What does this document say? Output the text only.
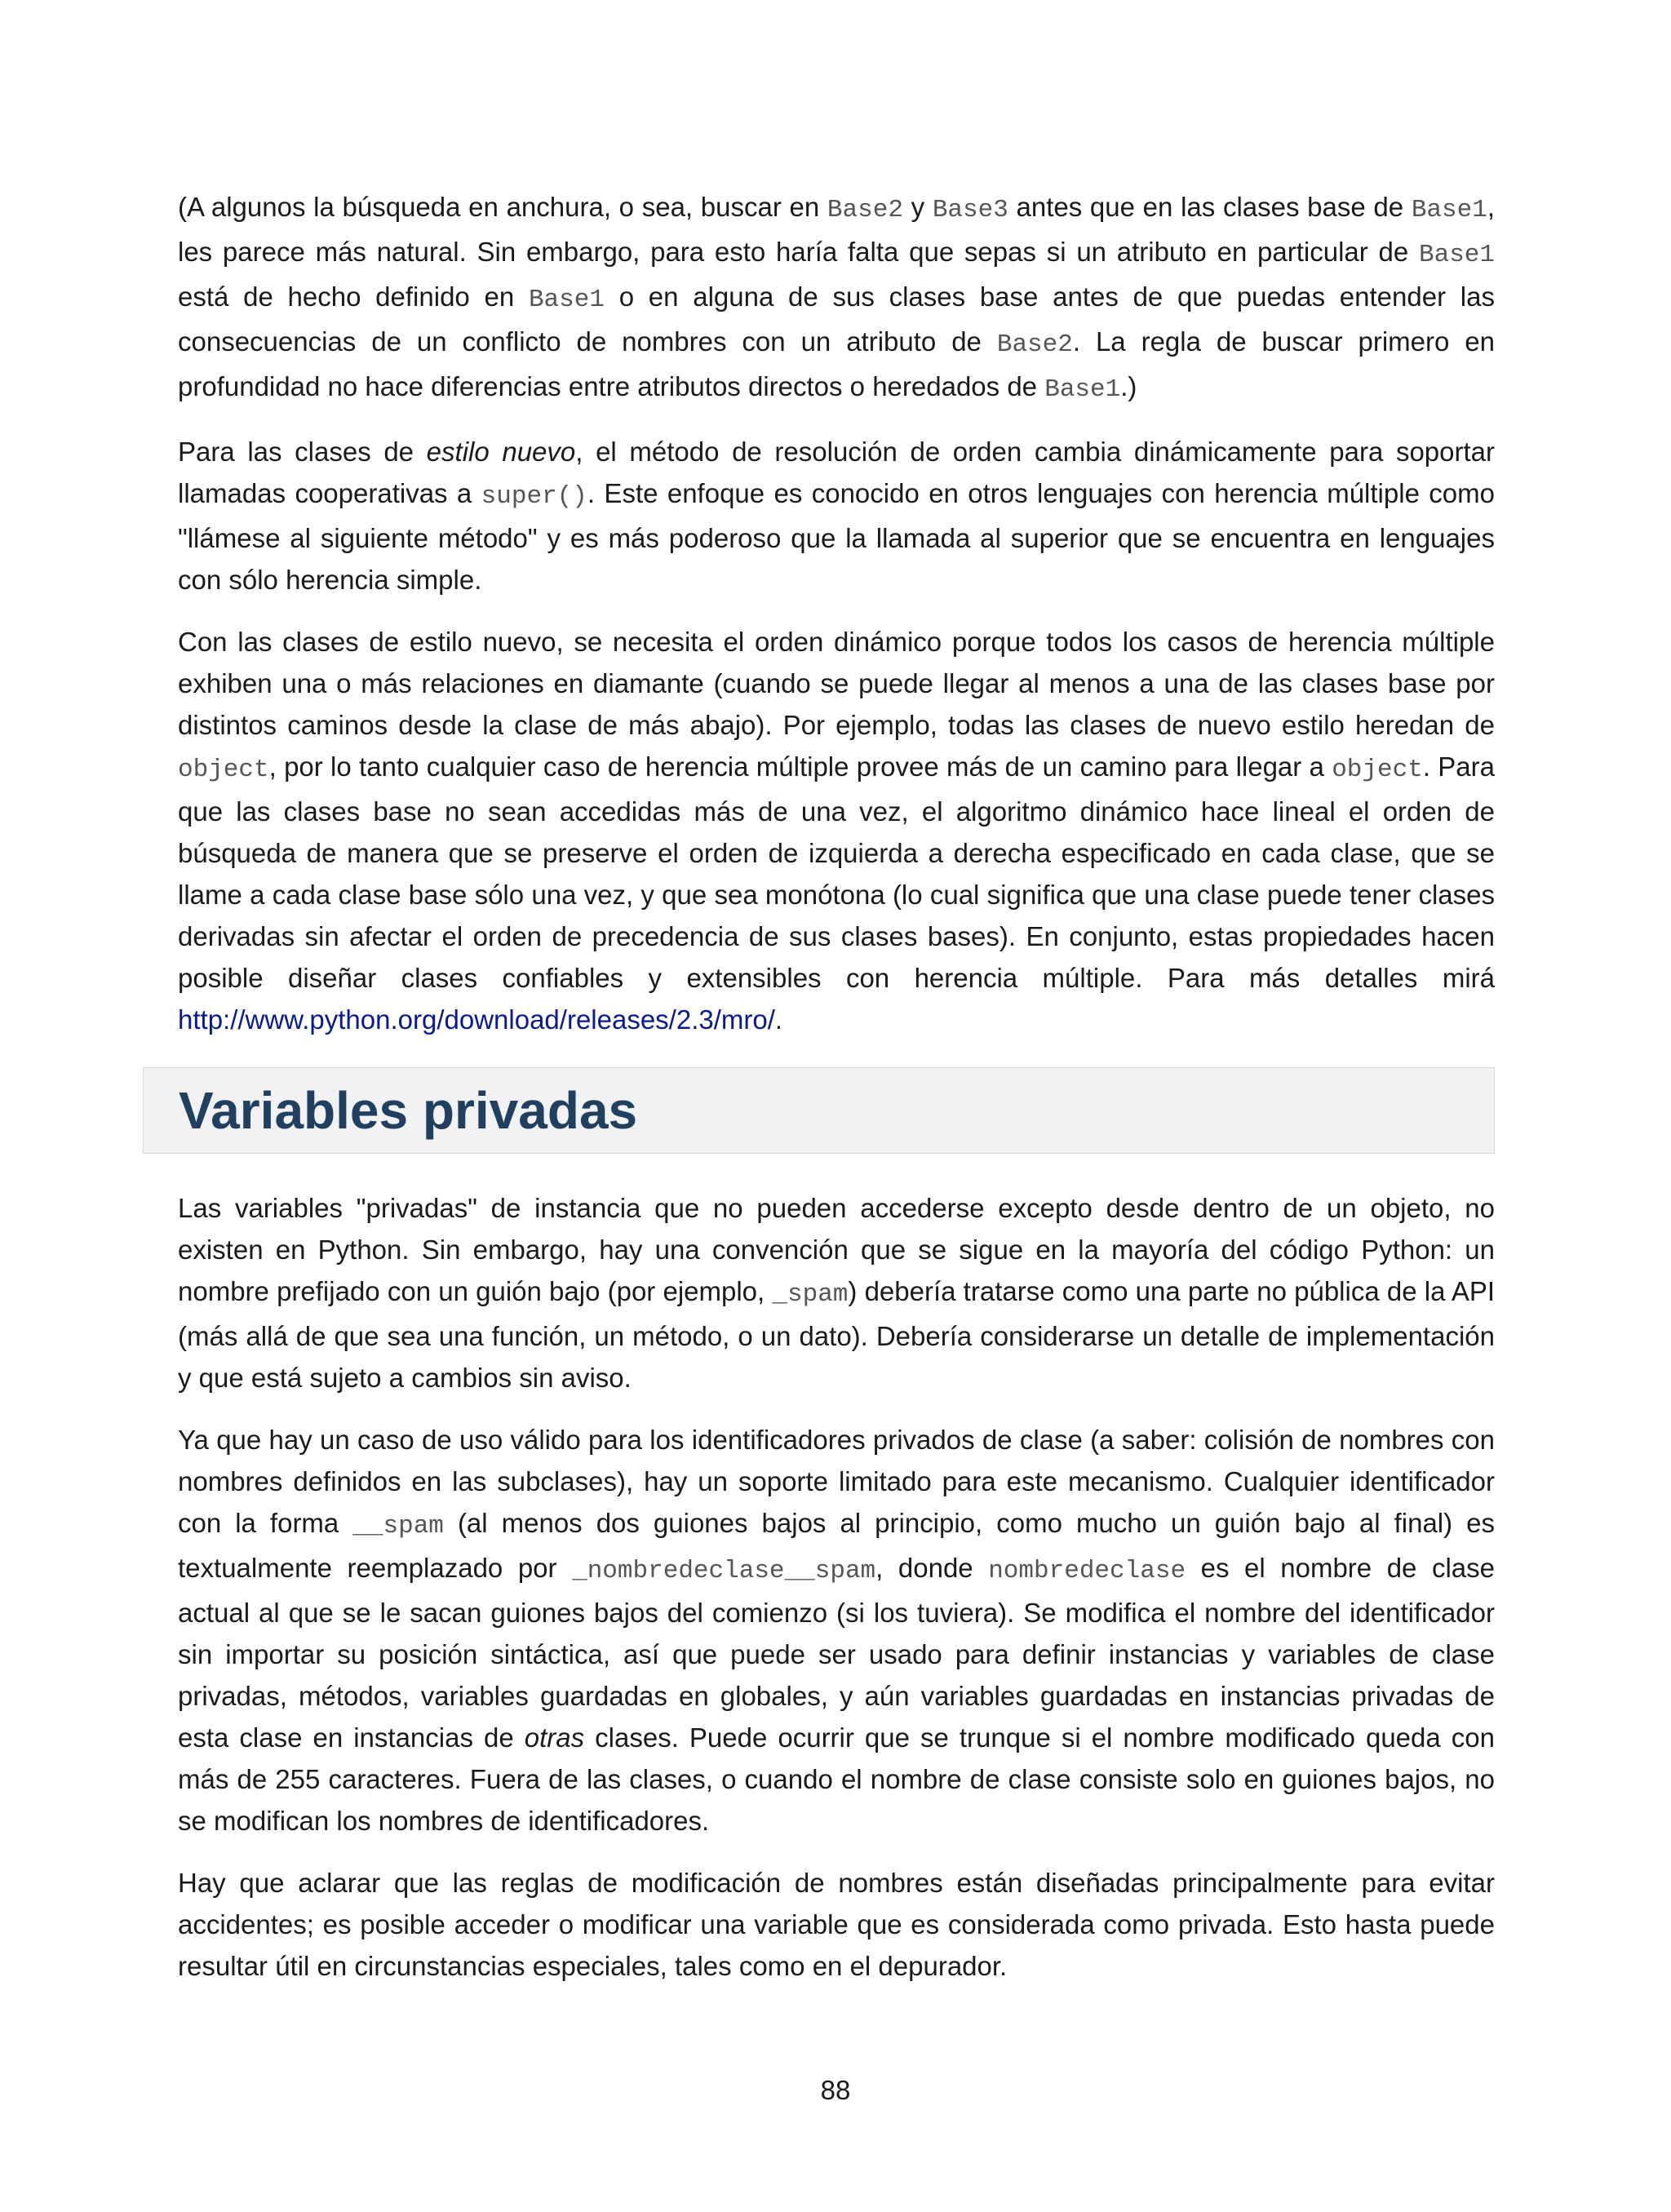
(A algunos la búsqueda en anchura, o sea, buscar en Base2 y Base3 antes que en las clases base de Base1, les parece más natural. Sin embargo, para esto haría falta que sepas si un atributo en particular de Base1 está de hecho definido en Base1 o en alguna de sus clases base antes de que puedas entender las consecuencias de un conflicto de nombres con un atributo de Base2. La regla de buscar primero en profundidad no hace diferencias entre atributos directos o heredados de Base1.)

Para las clases de estilo nuevo, el método de resolución de orden cambia dinámicamente para soportar llamadas cooperativas a super(). Este enfoque es conocido en otros lenguajes con herencia múltiple como "llámese al siguiente método" y es más poderoso que la llamada al superior que se encuentra en lenguajes con sólo herencia simple.

Con las clases de estilo nuevo, se necesita el orden dinámico porque todos los casos de herencia múltiple exhiben una o más relaciones en diamante (cuando se puede llegar al menos a una de las clases base por distintos caminos desde la clase de más abajo). Por ejemplo, todas las clases de nuevo estilo heredan de object, por lo tanto cualquier caso de herencia múltiple provee más de un camino para llegar a object. Para que las clases base no sean accedidas más de una vez, el algoritmo dinámico hace lineal el orden de búsqueda de manera que se preserve el orden de izquierda a derecha especificado en cada clase, que se llame a cada clase base sólo una vez, y que sea monótona (lo cual significa que una clase puede tener clases derivadas sin afectar el orden de precedencia de sus clases bases). En conjunto, estas propiedades hacen posible diseñar clases confiables y extensibles con herencia múltiple. Para más detalles mirá http://www.python.org/download/releases/2.3/mro/.

Variables privadas

Las variables "privadas" de instancia que no pueden accederse excepto desde dentro de un objeto, no existen en Python. Sin embargo, hay una convención que se sigue en la mayoría del código Python: un nombre prefijado con un guión bajo (por ejemplo, _spam) debería tratarse como una parte no pública de la API (más allá de que sea una función, un método, o un dato). Debería considerarse un detalle de implementación y que está sujeto a cambios sin aviso.

Ya que hay un caso de uso válido para los identificadores privados de clase (a saber: colisión de nombres con nombres definidos en las subclases), hay un soporte limitado para este mecanismo. Cualquier identificador con la forma __spam (al menos dos guiones bajos al principio, como mucho un guión bajo al final) es textualmente reemplazado por _nombredeclase__spam, donde nombredeclase es el nombre de clase actual al que se le sacan guiones bajos del comienzo (si los tuviera). Se modifica el nombre del identificador sin importar su posición sintáctica, así que puede ser usado para definir instancias y variables de clase privadas, métodos, variables guardadas en globales, y aún variables guardadas en instancias privadas de esta clase en instancias de otras clases. Puede ocurrir que se trunque si el nombre modificado queda con más de 255 caracteres. Fuera de las clases, o cuando el nombre de clase consiste solo en guiones bajos, no se modifican los nombres de identificadores.

Hay que aclarar que las reglas de modificación de nombres están diseñadas principalmente para evitar accidentes; es posible acceder o modificar una variable que es considerada como privada. Esto hasta puede resultar útil en circunstancias especiales, tales como en el depurador.

88
